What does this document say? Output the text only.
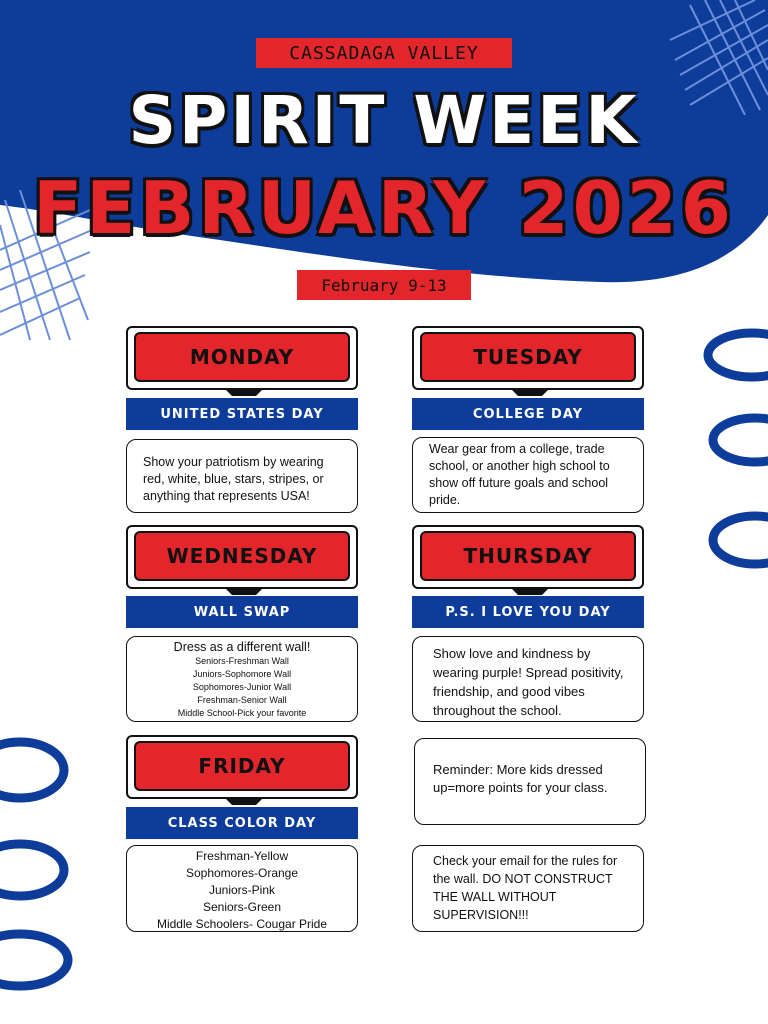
CASSADAGA VALLEY
SPIRIT WEEK
FEBRUARY 2026
February 9-13
MONDAY
UNITED STATES DAY

Show your patriotism by wearing red, white, blue, stars, stripes, or anything that represents USA!

TUESDAY
COLLEGE DAY

Wear gear from a college, trade school, or another high school to show off future goals and school pride.

WEDNESDAY
WALL SWAP

Dress as a different wall!

Seniors-Freshman Wall
Juniors-Sophomore Wall
Sophomores-Junior Wall
Freshman-Senior Wall
Middle School-Pick your favorite
THURSDAY
P.S. I LOVE YOU DAY

Show love and kindness by wearing purple! Spread positivity, friendship, and good vibes throughout the school.

FRIDAY
CLASS COLOR DAY
Freshman-Yellow
Sophomores-Orange
Juniors-Pink
Seniors-Green
Middle Schoolers- Cougar Pride

Reminder: More kids dressed up=more points for your class.

Check your email for the rules for the wall. DO NOT CONSTRUCT THE WALL WITHOUT SUPERVISION!!!
